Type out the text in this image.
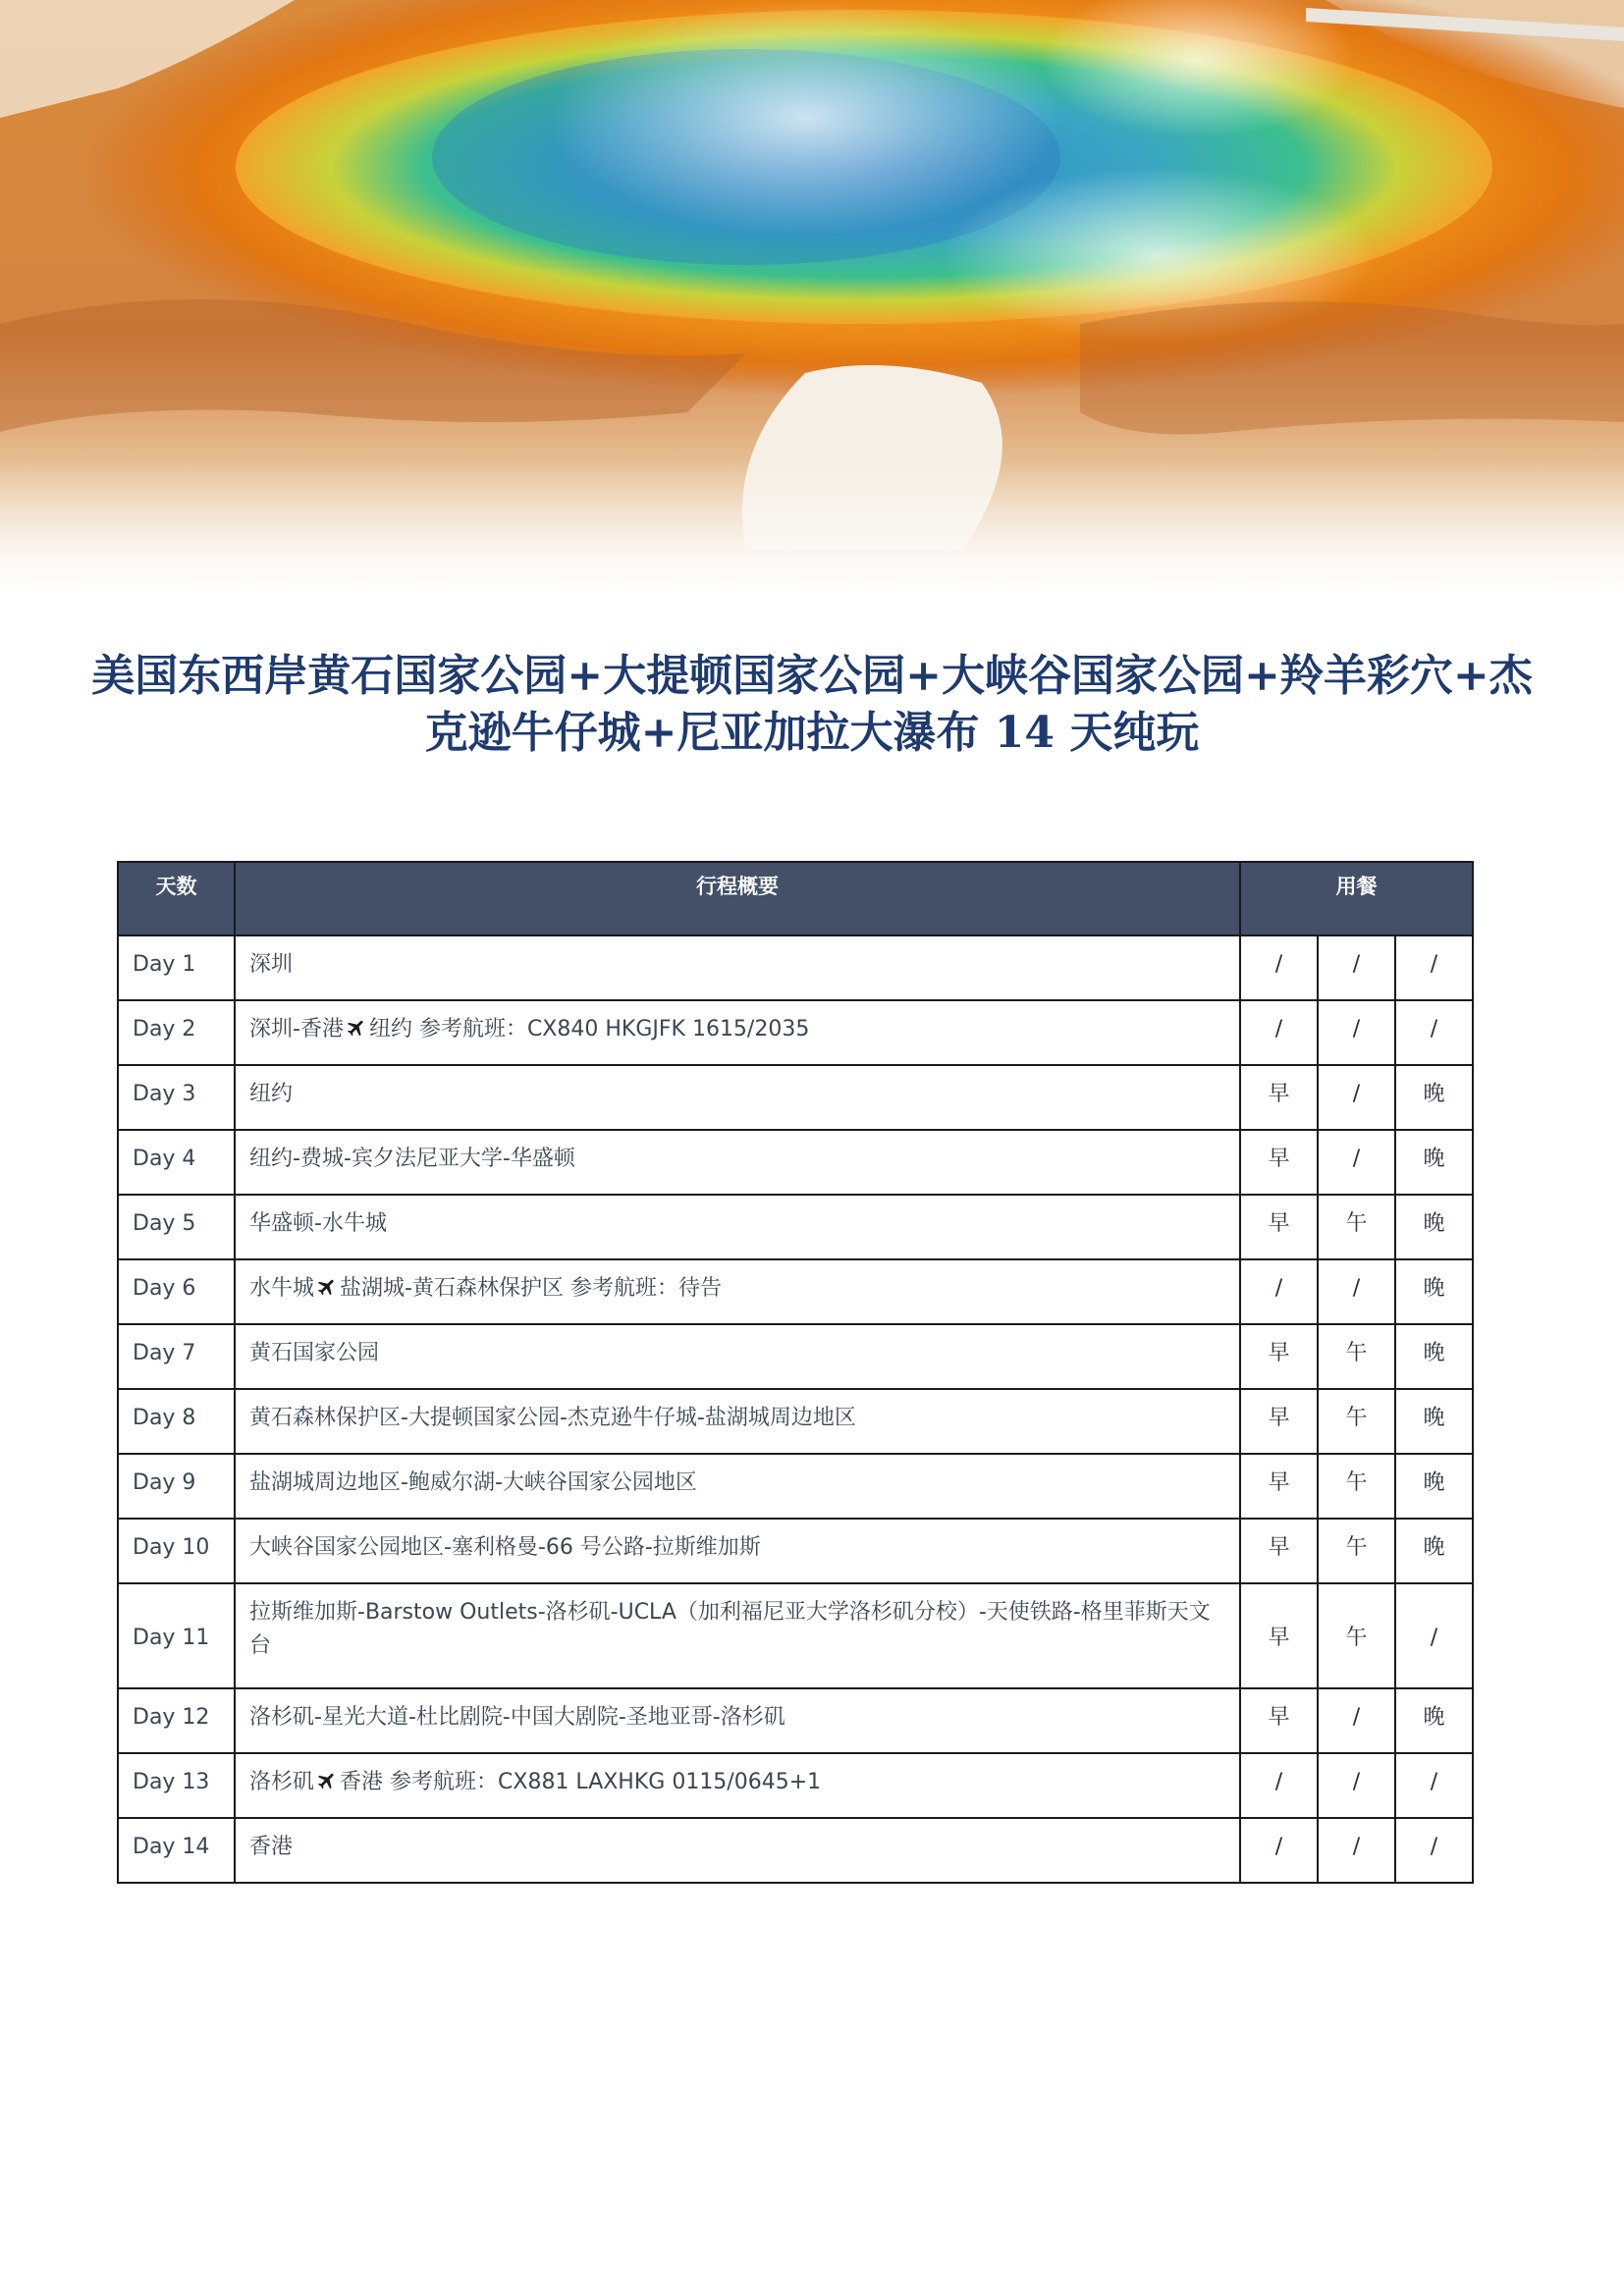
美国东西岸黄石国家公园+大提顿国家公园+大峡谷国家公园+羚羊彩穴+杰克逊牛仔城+尼亚加拉大瀑布 14 天纯玩
天数	行程概要	用餐		
Day 1	深圳	/	/	/
Day 2	深圳-香港 纽约 参考航班：CX840 HKGJFK 1615/2035	/	/	/
Day 3	纽约	早	/	晚
Day 4	纽约-费城-宾夕法尼亚大学-华盛顿	早	/	晚
Day 5	华盛顿-水牛城	早	午	晚
Day 6	水牛城 盐湖城-黄石森林保护区 参考航班：待告	/	/	晚
Day 7	黄石国家公园	早	午	晚
Day 8	黄石森林保护区-大提顿国家公园-杰克逊牛仔城-盐湖城周边地区	早	午	晚
Day 9	盐湖城周边地区-鲍威尔湖-大峡谷国家公园地区	早	午	晚
Day 10	大峡谷国家公园地区-塞利格曼-66 号公路-拉斯维加斯	早	午	晚
Day 11	拉斯维加斯-Barstow Outlets-洛杉矶-UCLA（加利福尼亚大学洛杉矶分校）-天使铁路-格里菲斯天文台	早	午	/
Day 12	洛杉矶-星光大道-杜比剧院-中国大剧院-圣地亚哥-洛杉矶	早	/	晚
Day 13	洛杉矶 香港 参考航班：CX881 LAXHKG 0115/0645+1	/	/	/
Day 14	香港	/	/	/
